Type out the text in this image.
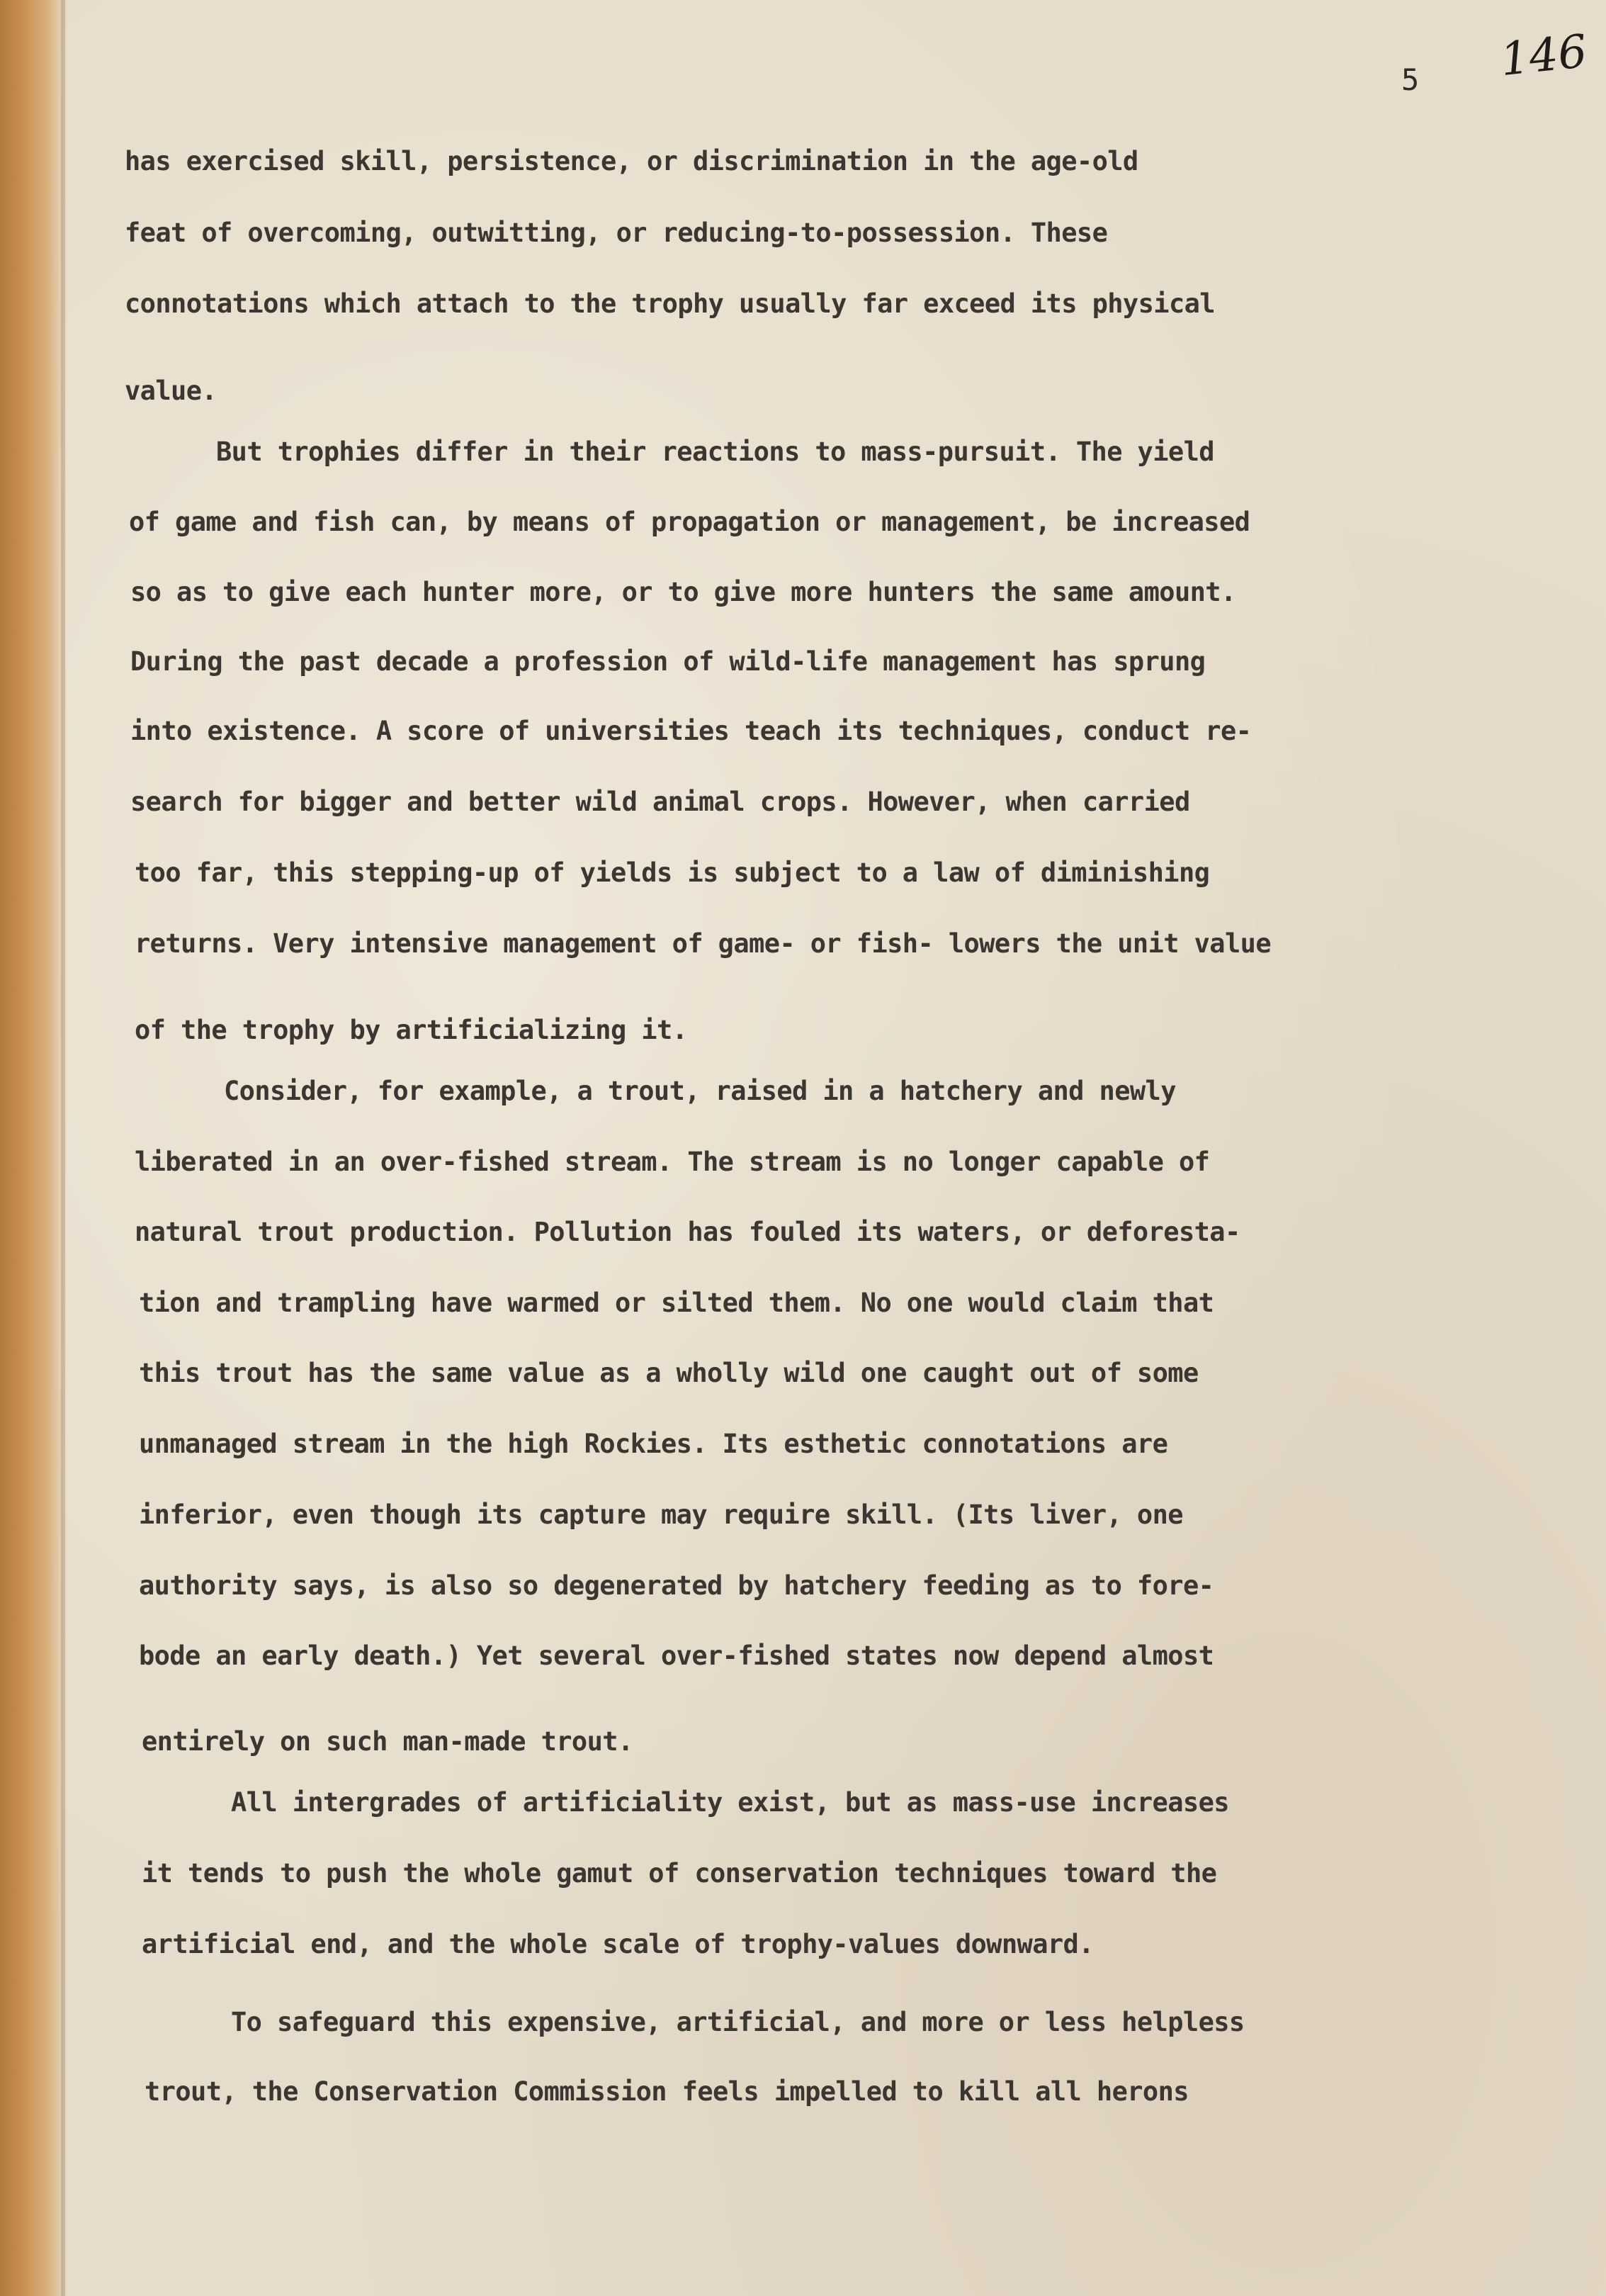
5 146

has exercised skill, persistence, or discrimination in the age-old

feat of overcoming, outwitting, or reducing-to-possession. These

connotations which attach to the trophy usually far exceed its physical

value.

But trophies differ in their reactions to mass-pursuit. The yield

of game and fish can, by means of propagation or management, be increased

so as to give each hunter more, or to give more hunters the same amount.

During the past decade a profession of wild-life management has sprung

into existence. A score of universities teach its techniques, conduct re-

search for bigger and better wild animal crops. However, when carried

too far, this stepping-up of yields is subject to a law of diminishing

returns. Very intensive management of game- or fish- lowers the unit value

of the trophy by artificializing it.

Consider, for example, a trout, raised in a hatchery and newly

liberated in an over-fished stream. The stream is no longer capable of

natural trout production. Pollution has fouled its waters, or deforesta-

tion and trampling have warmed or silted them. No one would claim that

this trout has the same value as a wholly wild one caught out of some

unmanaged stream in the high Rockies. Its esthetic connotations are

inferior, even though its capture may require skill. (Its liver, one

authority says, is also so degenerated by hatchery feeding as to fore-

bode an early death.) Yet several over-fished states now depend almost

entirely on such man-made trout.

All intergrades of artificiality exist, but as mass-use increases

it tends to push the whole gamut of conservation techniques toward the

artificial end, and the whole scale of trophy-values downward.

To safeguard this expensive, artificial, and more or less helpless

trout, the Conservation Commission feels impelled to kill all herons
